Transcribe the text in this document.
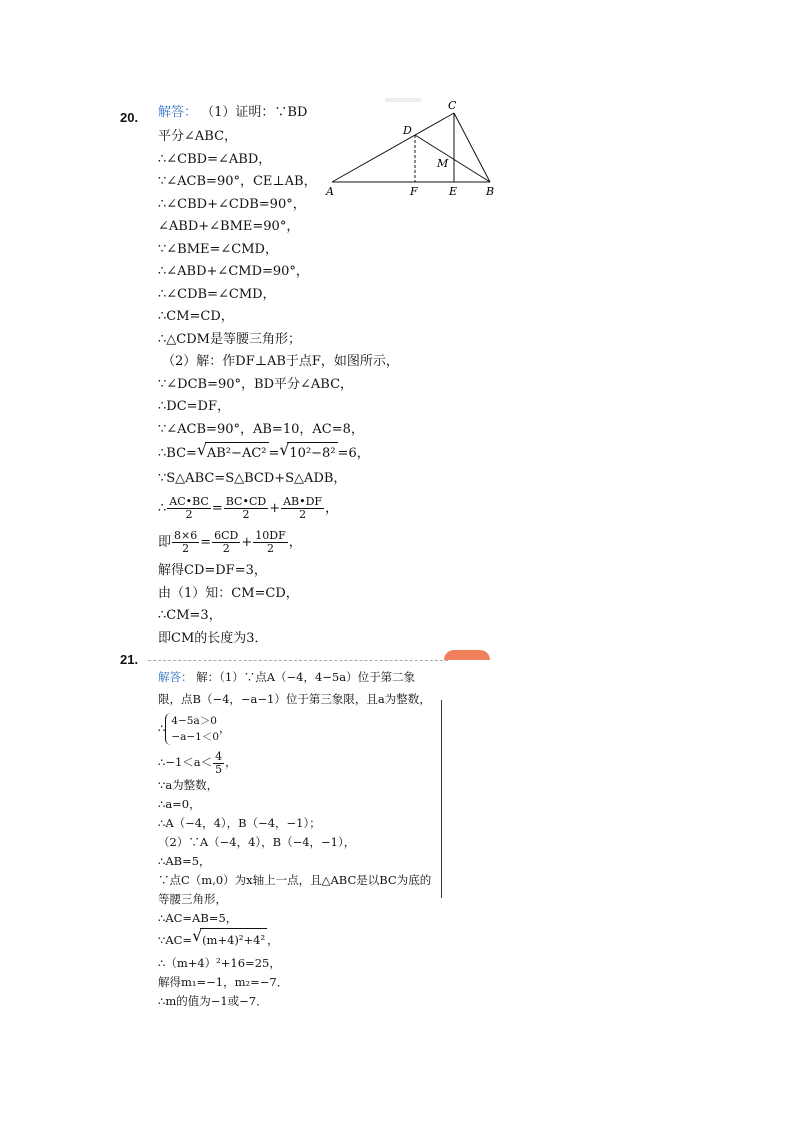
20. 解答： （1）证明：∵BD
平分∠ABC，
∴∠CBD=∠ABD，
∵∠ACB=90°，CE⊥AB，
∴∠CBD+∠CDB=90°，
∠ABD+∠BME=90°，
∵∠BME=∠CMD，
∴∠ABD+∠CMD=90°，
∴∠CDB=∠CMD，
∴CM=CD，
∴△CDM是等腰三角形；
（2）解：作DF⊥AB于点F，如图所示，
∵∠DCB=90°，BD平分∠ABC，
∴DC=DF，
∵∠ACB=90°，AB=10，AC=8，
∴BC= √ AB²−AC² = √ 10²−8² =6，
∵S△ABC=S△BCD+S△ADB，
∴ $\frac{AC•BC}{2} = \frac{BC•CD}{2} + \frac{AB•DF}{2}$ ，
即 $\frac{8\times 6}{2} = \frac{6CD}{2} + \frac{10DF}{2}$ ，
解得CD=DF=3，
由（1）知：CM=CD，
∴CM=3，
即CM的长度为3．
C
D
M
A	F	E	B
21.
解答： 解：（1）∵点A（−4，4−5a）位于第二象
限，点B（−4，−a−1）位于第三象限，且a为整数，
∴ 4−5a＞0
−a−1＜0
，
∴−1＜a＜ $\frac{4}{5}$ ，
∵a为整数，
∴a=0，
∴A（−4，4），B（−4，−1）；
（2）∵A（−4，4），B（−4，−1），
∴AB=5，
∵点C（m,0）为x轴上一点，且△ABC是以BC为底的
等腰三角形，
∴AC=AB=5，
∵AC= √ (m+4)²+4² ，
∴（m+4）²+16=25，
解得m₁=−1，m₂=−7．
∴m的值为−1或−7．
